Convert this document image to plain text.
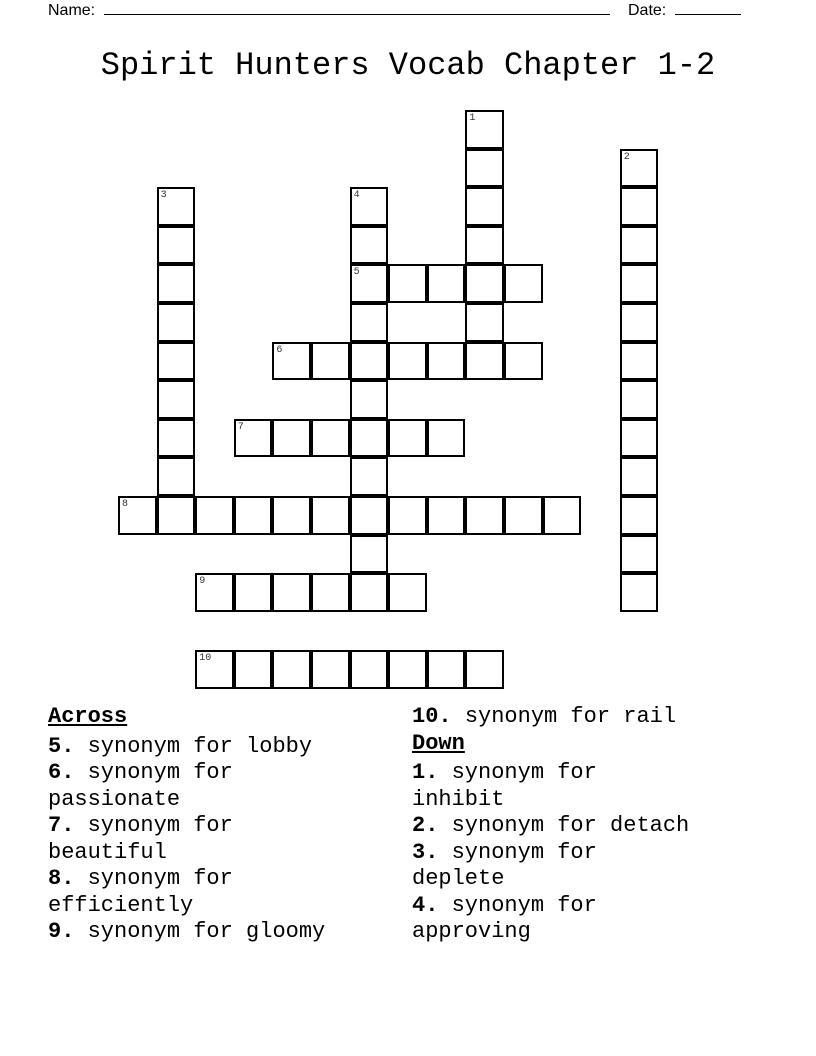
Name:	Date:
Spirit Hunters Vocab Chapter 1-2
1
2
3	4
5
6
7
8
9
10
Across
5. synonym for lobby
6. synonym for
passionate
7. synonym for
beautiful
8. synonym for
efficiently
9. synonym for gloomy
10. synonym for rail
Down
1. synonym for
inhibit
2. synonym for detach
3. synonym for
deplete
4. synonym for
approving
